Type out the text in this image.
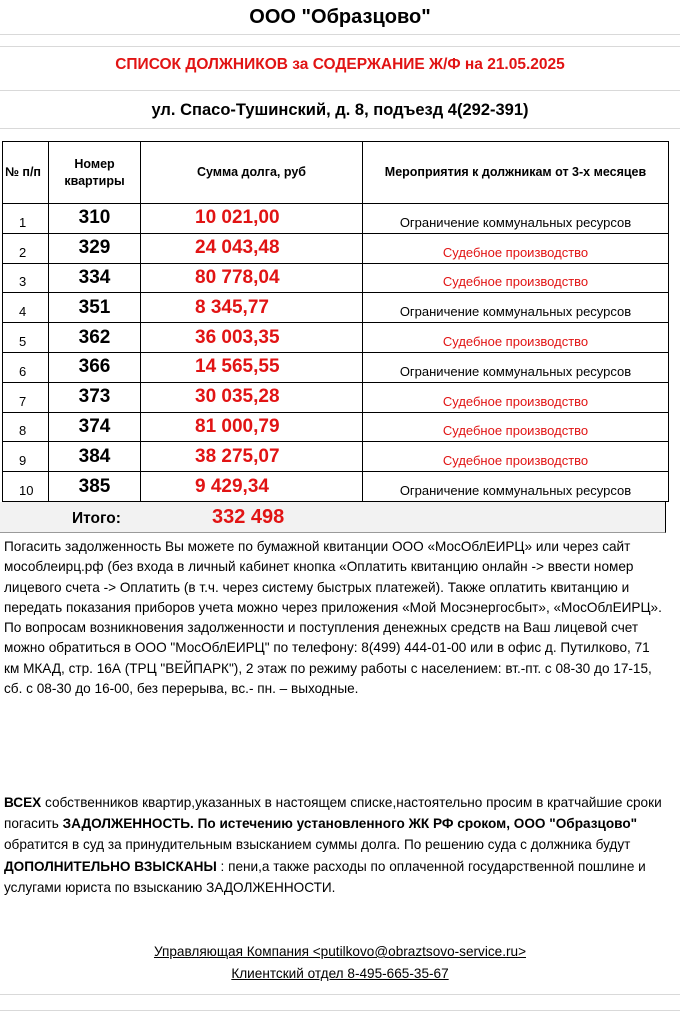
ООО "Образцово"
СПИСОК ДОЛЖНИКОВ за СОДЕРЖАНИЕ Ж/Ф на 21.05.2025
ул. Спасо-Тушинский, д. 8, подъезд 4(292-391)
№ п/п	Номер квартиры	Сумма долга, руб	Мероприятия к должникам от 3-х месяцев
1	310	10 021,00	Ограничение коммунальных ресурсов
2	329	24 043,48	Судебное производство
3	334	80 778,04	Судебное производство
4	351	8 345,77	Ограничение коммунальных ресурсов
5	362	36 003,35	Судебное производство
6	366	14 565,55	Ограничение коммунальных ресурсов
7	373	30 035,28	Судебное производство
8	374	81 000,79	Судебное производство
9	384	38 275,07	Судебное производство
10	385	9 429,34	Ограничение коммунальных ресурсов
Итого:	332 498

Погасить задолженность Вы можете по бумажной квитанции ООО «МосОблЕИРЦ» или через сайт мособлеирц.рф (без входа в личный кабинет кнопка «Оплатить квитанцию онлайн -> ввести номер лицевого счета -> Оплатить (в т.ч. через систему быстрых платежей). Также оплатить квитанцию и передать показания приборов учета можно через приложения «Мой Мосэнергосбыт», «МосОблЕИРЦ».

По вопросам возникновения задолженности и поступления денежных средств на Ваш лицевой счет можно обратиться в ООО "МосОблЕИРЦ" по телефону: 8(499) 444-01-00 или в офис д. Путилково, 71 км МКАД, стр. 16А (ТРЦ "ВЕЙПАРК"), 2 этаж по режиму работы с населением: вт.-пт. с 08-30 до 17-15, сб. с 08-30 до 16-00, без перерыва, вс.- пн. – выходные.

ВСЕХ собственников квартир,указанных в настоящем списке,настоятельно просим в кратчайшие сроки погасить ЗАДОЛЖЕННОСТЬ. По истечению установленного ЖК РФ сроком, ООО "Образцово" обратится в суд за принудительным взысканием суммы долга. По решению суда с должника будут ДОПОЛНИТЕЛЬНО ВЗЫСКАНЫ : пени,а также расходы по оплаченной государственной пошлине и услугами юриста по взысканию ЗАДОЛЖЕННОСТИ.
Управляющая Компания <putilkovo@obraztsovo-service.ru>
Клиентский отдел 8-495-665-35-67
